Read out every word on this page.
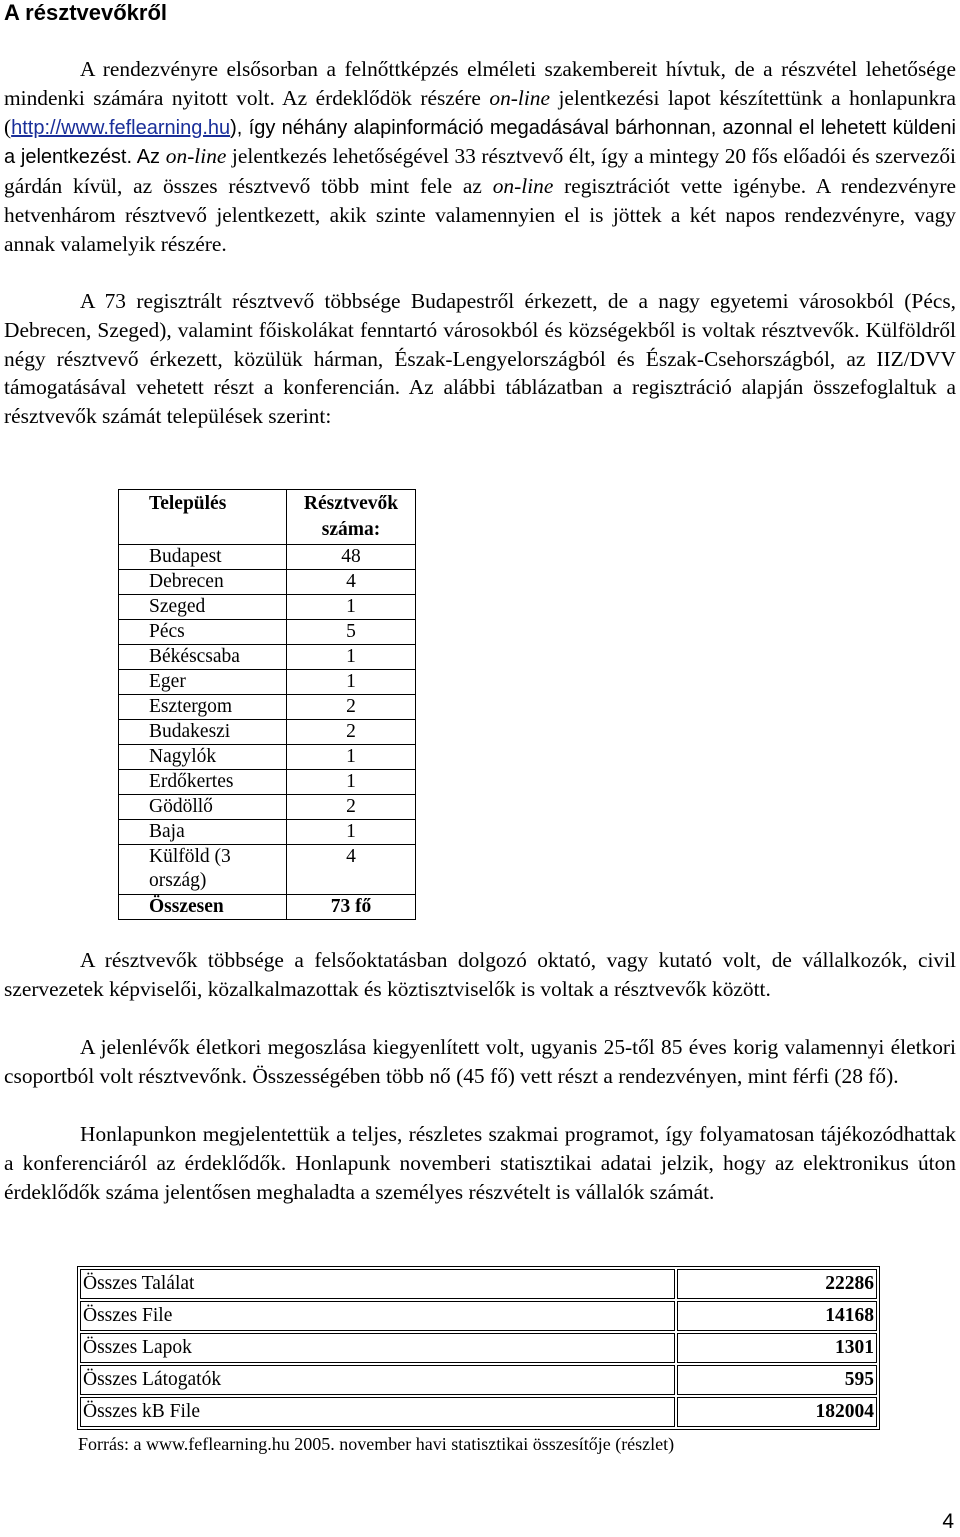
A résztvevőkről
A rendezvényre elsősorban a felnőttképzés elméleti szakembereit hívtuk, de a részvétel lehetősége mindenki számára nyitott volt. Az érdeklődök részére on-line jelentkezési lapot készítettünk a honlapunkra (http://www.feflearning.hu), így néhány alapinformáció megadásával bárhonnan, azonnal el lehetett küldeni a jelentkezést. Az on-line jelentkezés lehetőségével 33 résztvevő élt, így a mintegy 20 fős előadói és szervezői gárdán kívül, az összes résztvevő több mint fele az on-line regisztrációt vette igénybe. A rendezvényre hetvenhárom résztvevő jelentkezett, akik szinte valamennyien el is jöttek a két napos rendezvényre, vagy annak valamelyik részére.
A 73 regisztrált résztvevő többsége Budapestről érkezett, de a nagy egyetemi városokból (Pécs, Debrecen, Szeged), valamint főiskolákat fenntartó városokból és községekből is voltak résztvevők. Külföldről négy résztvevő érkezett, közülük hárman, Észak-Lengyelországból és Észak-Csehországból, az IIZ/DVV támogatásával vehetett részt a konferencián. Az alábbi táblázatban a regisztráció alapján összefoglaltuk a résztvevők számát települések szerint:
Település	Résztvevők száma:
Budapest	48
Debrecen	4
Szeged	1
Pécs	5
Békéscsaba	1
Eger	1
Esztergom	2
Budakeszi	2
Nagylók	1
Erdőkertes	1
Gödöllő	2
Baja	1
Külföld (3 ország)	4
Összesen	73 fő
A résztvevők többsége a felsőoktatásban dolgozó oktató, vagy kutató volt, de vállalkozók, civil szervezetek képviselői, közalkalmazottak és köztisztviselők is voltak a résztvevők között.
A jelenlévők életkori megoszlása kiegyenlített volt, ugyanis 25-től 85 éves korig valamennyi életkori csoportból volt résztvevőnk. Összességében több nő (45 fő) vett részt a rendezvényen, mint férfi (28 fő).
Honlapunkon megjelentettük a teljes, részletes szakmai programot, így folyamatosan tájékozódhattak a konferenciáról az érdeklődők. Honlapunk novemberi statisztikai adatai jelzik, hogy az elektronikus úton érdeklődők száma jelentősen meghaladta a személyes részvételt is vállalók számát.
Összes Találat	22286
Összes File	14168
Összes Lapok	1301
Összes Látogatók	595
Összes kB File	182004
Forrás: a www.feflearning.hu 2005. november havi statisztikai összesítője (részlet)
4
